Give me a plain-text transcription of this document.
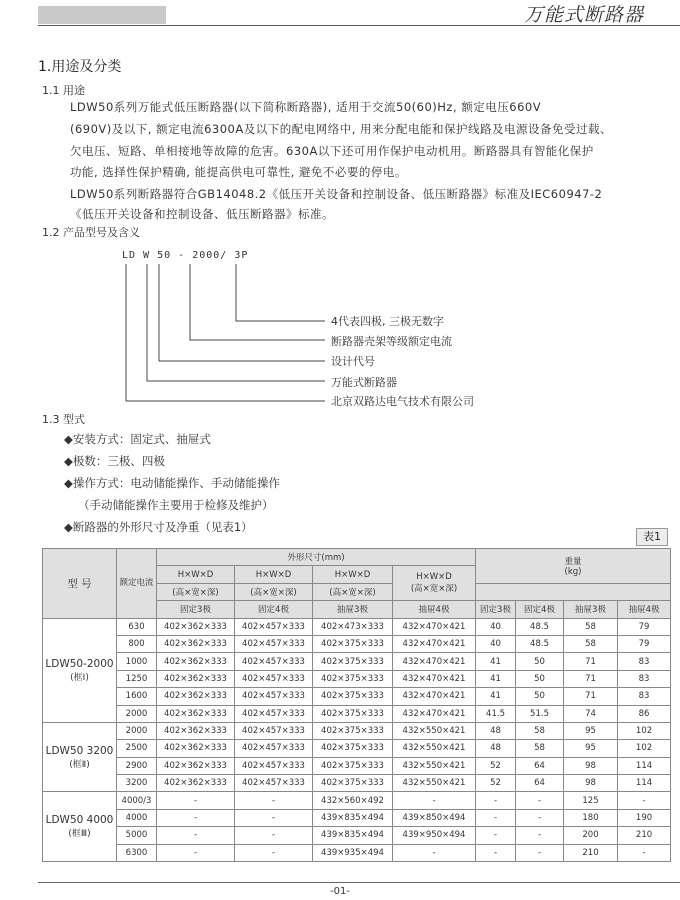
万能式断路器
1.用途及分类
1.1 用途
LDW50系列万能式低压断路器(以下简称断路器), 适用于交流50(60)Hz, 额定电压660V
(690V)及以下, 额定电流6300A及以下的配电网络中, 用来分配电能和保护线路及电源设备免受过载、
欠电压、短路、单相接地等故障的危害。630A以下还可用作保护电动机用。断路器具有智能化保护
功能, 选择性保护精确, 能提高供电可靠性, 避免不必要的停电。
LDW50系列断路器符合GB14048.2《低压开关设备和控制设备、低压断路器》标准及IEC60947-2
《低压开关设备和控制设备、低压断路器》标准。
1.2 产品型号及含义
LD W 50 - 2000/ 3P
4代表四极, 三极无数字
断路器壳架等级额定电流
设计代号
万能式断路器
北京双路达电气技术有限公司
1.3 型式
◆安装方式：固定式、抽屉式
◆极数：三极、四极
◆操作方式：电动储能操作、手动储能操作
（手动储能操作主要用于检修及维护）
◆断路器的外形尺寸及净重（见表1）
表1
型 号	额定电流	外形尺寸(mm)				重量
(kg)			
		H×W×D	H×W×D	H×W×D	H×W×D
(高×宽×深)				
		(高×宽×深)	(高×宽×深)	(高×宽×深)					
		固定3极	固定4极	抽屉3极	抽屉4极	固定3极	固定4极	抽屉3极	抽屉4极

LDW50-2000
(框Ⅰ)	630	402×362×333	402×457×333	402×473×333	432×470×421	40	48.5	58	79
	800	402×362×333	402×457×333	402×375×333	432×470×421	40	48.5	58	79
	1000	402×362×333	402×457×333	402×375×333	432×470×421	41	50	71	83
	1250	402×362×333	402×457×333	402×375×333	432×470×421	41	50	71	83
	1600	402×362×333	402×457×333	402×375×333	432×470×421	41	50	71	83
	2000	402×362×333	402×457×333	402×375×333	432×470×421	41.5	51.5	74	86

LDW50 3200
(框Ⅱ)	2000	402×362×333	402×457×333	402×375×333	432×550×421	48	58	95	102
	2500	402×362×333	402×457×333	402×375×333	432×550×421	48	58	95	102
	2900	402×362×333	402×457×333	402×375×333	432×550×421	52	64	98	114
	3200	402×362×333	402×457×333	402×375×333	432×550×421	52	64	98	114

LDW50 4000
(框Ⅲ)	4000/3	-	-	432×560×492	-	-	-	125	-
	4000	-	-	439×835×494	439×850×494	-	-	180	190
	5000	-	-	439×835×494	439×950×494	-	-	200	210
	6300	-	-	439×935×494	-	-	-	210	-
-01-
